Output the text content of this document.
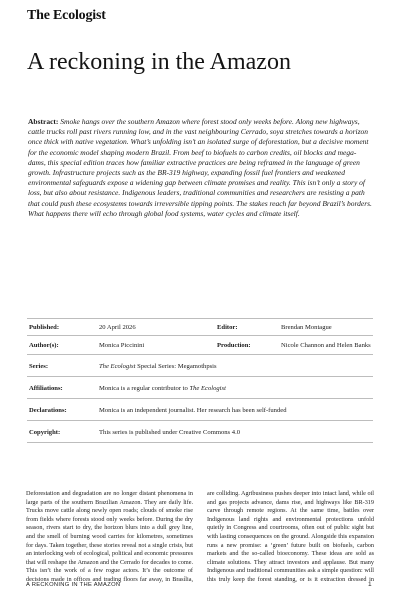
The Ecologist
A reckoning in the Amazon
Abstract: Smoke hangs over the southern Amazon where forest stood only weeks before. Along new highways, cattle trucks roll past rivers running low, and in the vast neighbouring Cerrado, soya stretches towards a horizon once thick with native vegetation. What’s unfolding isn’t an isolated surge of deforestation, but a decisive moment for the economic model shaping modern Brazil. From beef to biofuels to carbon credits, oil blocks and mega-dams, this special edition traces how familiar extractive practices are being reframed in the language of green growth. Infrastructure projects such as the BR-319 highway, expanding fossil fuel frontiers and weakened environmental safeguards expose a widening gap between climate promises and reality. This isn’t only a story of loss, but also about resistance. Indigenous leaders, traditional communities and researchers are resisting a path that could push these ecosystems towards irreversible tipping points. The stakes reach far beyond Brazil’s borders. What happens there will echo through global food systems, water cycles and climate itself.
Published:	20 April 2026	Editor:	Brendan Montague
Author(s):	Monica Piccinini	Production:	Nicole Channon and Helen Banks
Series:	The Ecologist Special Series: Megamothpsis
Affiliations:	Monica is a regular contributor to The Ecologist
Declarations:	Monica is an independent journalist. Her research has been self-funded
Copyright:	This series is published under Creative Commons 4.0

Deforestation and degradation are no longer distant phenomena in large parts of the southern Brazilian Amazon. They are daily life. Trucks move cattle along newly open roads; clouds of smoke rise from fields where forests stood only weeks before. During the dry season, rivers start to dry, the horizon blurs into a dull grey line, and the smell of burning wood carries for kilometres, sometimes for days. Taken together, these stories reveal not a single crisis, but an interlocking web of ecological, political and economic pressures that will reshape the Amazon and the Cerrado for decades to come. This isn’t the work of a few rogue actors. It’s the outcome of decisions made in offices and trading floors far away, in Brasília,

are colliding. Agribusiness pushes deeper into intact land, while oil and gas projects advance, dams rise, and highways like BR-319 carve through remote regions. At the same time, battles over Indigenous land rights and environmental protections unfold quietly in Congress and courtrooms, often out of public sight but with lasting consequences on the ground. Alongside this expansion runs a new promise: a ‘green’ future built on biofuels, carbon markets and the so-called bioeconomy. These ideas are sold as climate solutions. They attract investors and applause. But many Indigenous and traditional communities ask a simple question: will this truly keep the forest standing, or is it extraction dressed in

A RECKONING IN THE AMAZON	1
